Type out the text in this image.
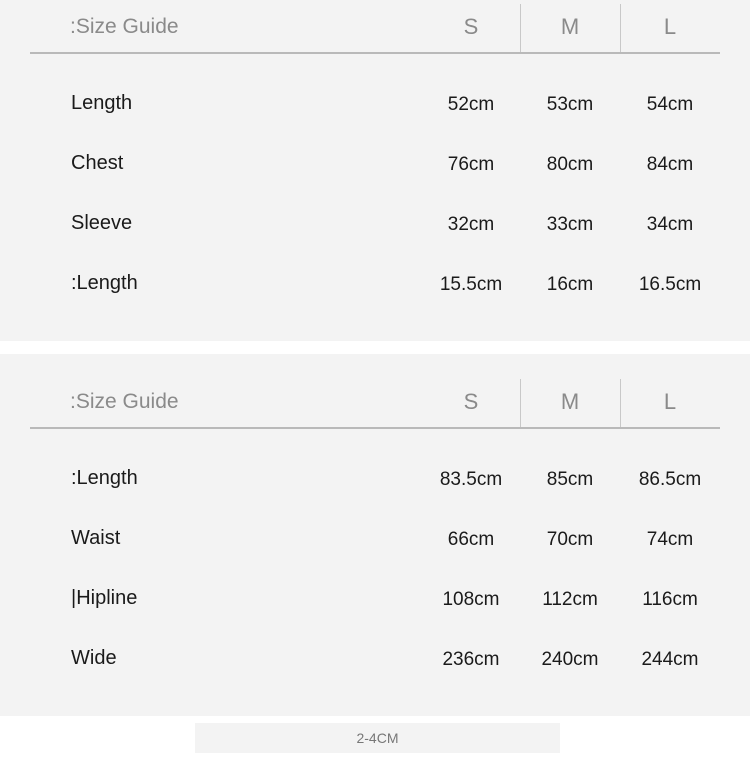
:Size Guide	S	M	L
Length	52cm	53cm	54cm
Chest	76cm	80cm	84cm
Sleeve	32cm	33cm	34cm
:Length	15.5cm	16cm	16.5cm
:Size Guide	S	M	L
:Length	83.5cm	85cm	86.5cm
Waist	66cm	70cm	74cm
|Hipline	108cm	112cm	116cm
Wide	236cm	240cm	244cm
2-4CM
